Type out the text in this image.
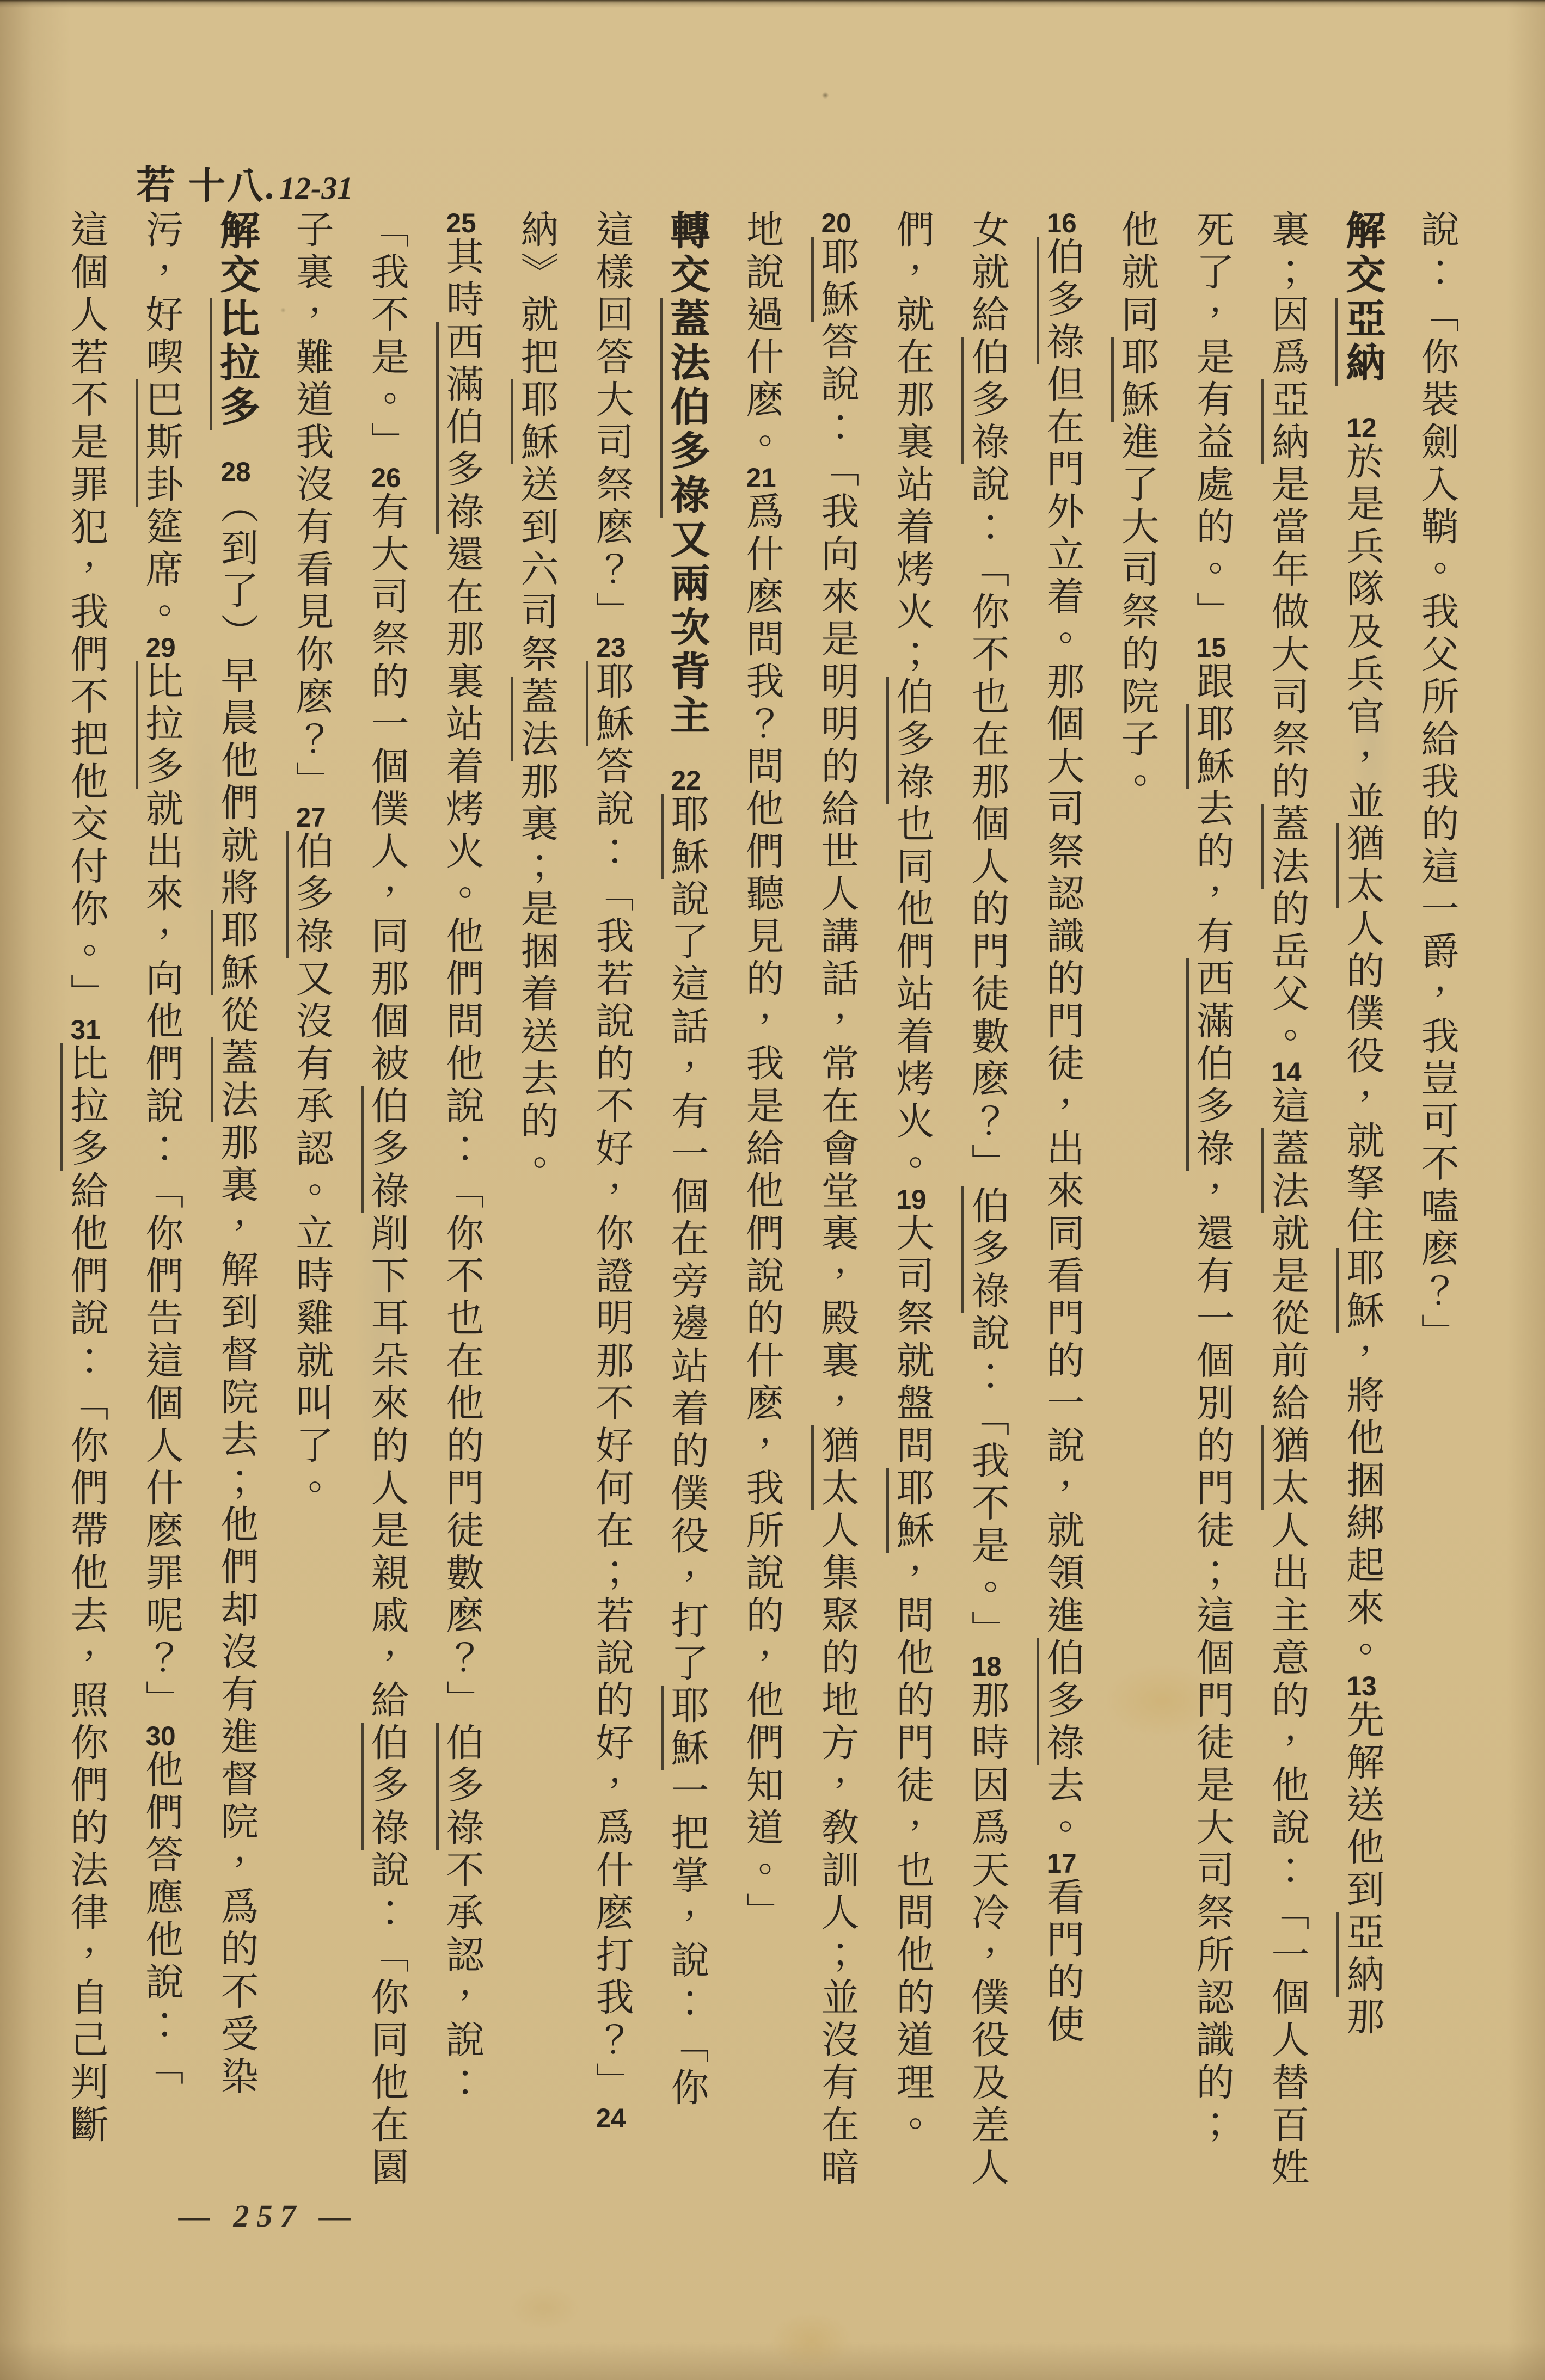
若 十八. 12-31
說：「你裝劍入鞘。我父所給我的這一爵，我豈可不嗑麽？」
解交亞納12於是兵隊及兵官，並猶太人的僕役，就拏住耶穌，將他捆綁起來。13先解送他到亞納那
裏；因爲亞納是當年做大司祭的蓋法的岳父。14這蓋法就是從前給猶太人出主意的，他說：「一個人替百姓
死了，是有益處的。」15跟耶穌去的，有西滿伯多祿，還有一個別的門徒；這個門徒是大司祭所認識的；
他就同耶穌進了大司祭的院子。
16伯多祿但在門外立着。那個大司祭認識的門徒，出來同看門的一說，就領進伯多祿去。17看門的使
女就給伯多祿說：「你不也在那個人的門徒數麽？」伯多祿說：「我不是。」18那時因爲天冷，僕役及差人
們，就在那裏站着烤火；伯多祿也同他們站着烤火。19大司祭就盤問耶穌，問他的門徒，也問他的道理。
20耶穌答說：「我向來是明明的給世人講話，常在會堂裏，殿裏，猶太人集聚的地方，敎訓人；並沒有在暗
地說過什麽。21爲什麽問我？問他們聽見的，我是給他們說的什麽，我所說的，他們知道。」
轉交蓋法伯多祿又兩次背主22耶穌說了這話，有一個在旁邊站着的僕役，打了耶穌一把掌，說：「你
這樣回答大司祭麽？」23耶穌答說：「我若說的不好，你證明那不好何在；若說的好，爲什麽打我？」24
納》就把耶穌送到六司祭蓋法那裏；是捆着送去的。
25其時西滿伯多祿還在那裏站着烤火。他們問他說：「你不也在他的門徒數麽？」伯多祿不承認，說：
「我不是。」26有大司祭的一個僕人，同那個被伯多祿削下耳朵來的人是親戚，給伯多祿說：「你同他在園
子裏，難道我沒有看見你麽？」27伯多祿又沒有承認。立時雞就叫了。
解交比拉多28（到了）早晨他們就將耶穌從蓋法那裏，解到督院去；他們却沒有進督院，爲的不受染
污，好喫巴斯卦筵席。29比拉多就出來，向他們說：「你們告這個人什麽罪呢？」30他們答應他說：「
這個人若不是罪犯，我們不把他交付你。」31比拉多給他們說：「你們帶他去，照你們的法律，自己判斷
— 257 —
